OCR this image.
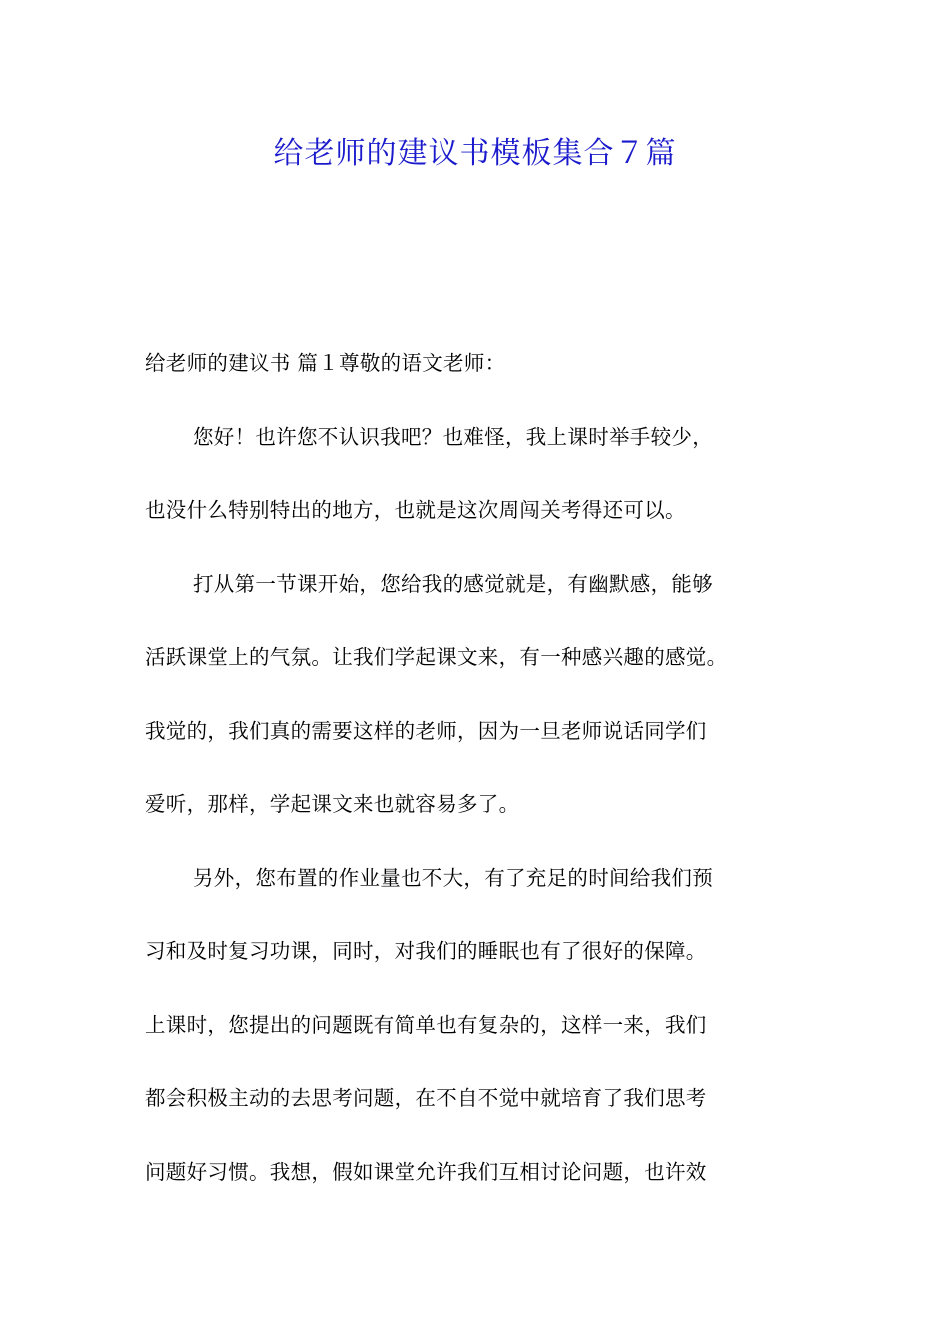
给老师的建议书模板集合７篇
给老师的建议书 篇１尊敬的语文老师：
您好！也许您不认识我吧？也难怪，我上课时举手较少，
也没什么特别特出的地方，也就是这次周闯关考得还可以。
打从第一节课开始，您给我的感觉就是，有幽默感，能够
活跃课堂上的气氛。让我们学起课文来，有一种感兴趣的感觉。
我觉的，我们真的需要这样的老师，因为一旦老师说话同学们
爱听，那样，学起课文来也就容易多了。
另外，您布置的作业量也不大，有了充足的时间给我们预
习和及时复习功课，同时，对我们的睡眠也有了很好的保障。
上课时，您提出的问题既有简单也有复杂的，这样一来，我们
都会积极主动的去思考问题，在不自不觉中就培育了我们思考
问题好习惯。我想，假如课堂允许我们互相讨论问题，也许效
